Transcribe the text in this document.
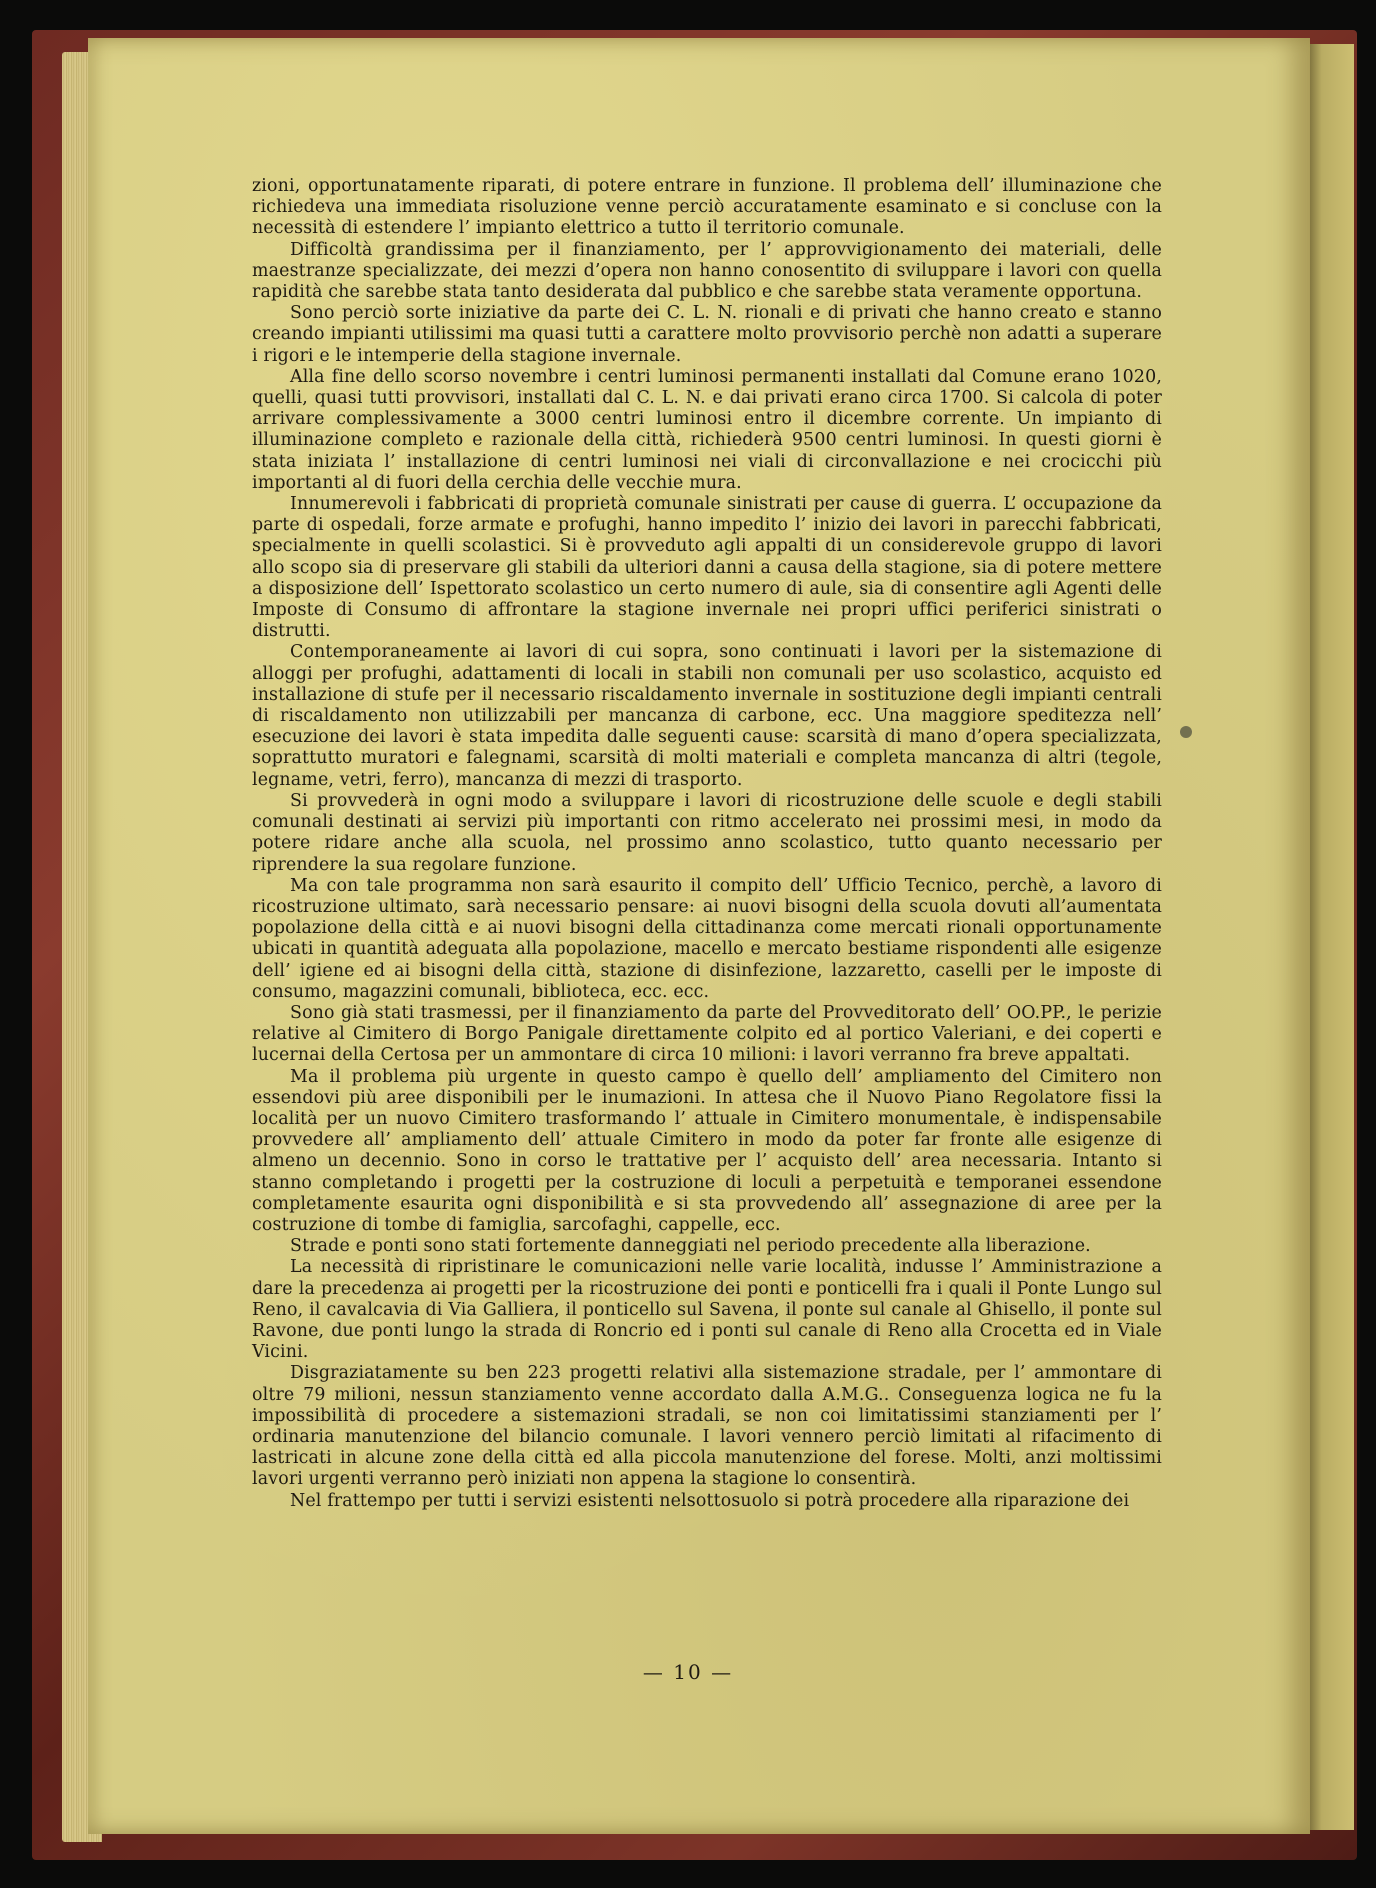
zioni, opportunatamente riparati, di potere entrare in funzione. Il problema dell’ illuminazione che richiedeva una immediata risoluzione venne perciò accuratamente esaminato e si concluse con la necessità di estendere l’ impianto elettrico a tutto il territorio comunale.

Difficoltà grandissima per il finanziamento, per l’ approvvigionamento dei materiali, delle maestranze specializzate, dei mezzi d’opera non hanno conosentito di sviluppare i lavori con quella rapidità che sarebbe stata tanto desiderata dal pubblico e che sarebbe stata veramente opportuna.

Sono perciò sorte iniziative da parte dei C. L. N. rionali e di privati che hanno creato e stanno creando impianti utilissimi ma quasi tutti a carattere molto provvisorio perchè non adatti a superare i rigori e le intemperie della stagione invernale.

Alla fine dello scorso novembre i centri luminosi permanenti installati dal Comune erano 1020, quelli, quasi tutti provvisori, installati dal C. L. N. e dai privati erano circa 1700. Si calcola di poter arrivare complessivamente a 3000 centri luminosi entro il dicembre corrente. Un impianto di illuminazione completo e razionale della città, richiederà 9500 centri luminosi. In questi giorni è stata iniziata l’ installazione di centri luminosi nei viali di circonvallazione e nei crocicchi più importanti al di fuori della cerchia delle vecchie mura.

Innumerevoli i fabbricati di proprietà comunale sinistrati per cause di guerra. L’ occupazione da parte di ospedali, forze armate e profughi, hanno impedito l’ inizio dei lavori in parecchi fabbricati, specialmente in quelli scolastici. Si è provveduto agli appalti di un considerevole gruppo di lavori allo scopo sia di preservare gli stabili da ulteriori danni a causa della stagione, sia di potere mettere a disposizione dell’ Ispettorato scolastico un certo numero di aule, sia di consentire agli Agenti delle Imposte di Consumo di affrontare la stagione invernale nei propri uffici periferici sinistrati o distrutti.

Contemporaneamente ai lavori di cui sopra, sono continuati i lavori per la sistemazione di alloggi per profughi, adattamenti di locali in stabili non comunali per uso scolastico, acquisto ed installazione di stufe per il necessario riscaldamento invernale in sostituzione degli impianti centrali di riscaldamento non utilizzabili per mancanza di carbone, ecc. Una maggiore speditezza nell’ esecuzione dei lavori è stata impedita dalle seguenti cause: scarsità di mano d’opera specializzata, soprattutto muratori e falegnami, scarsità di molti materiali e completa mancanza di altri (tegole, legname, vetri, ferro), mancanza di mezzi di trasporto.

Si provvederà in ogni modo a sviluppare i lavori di ricostruzione delle scuole e degli stabili comunali destinati ai servizi più importanti con ritmo accelerato nei prossimi mesi, in modo da potere ridare anche alla scuola, nel prossimo anno scolastico, tutto quanto necessario per riprendere la sua regolare funzione.

Ma con tale programma non sarà esaurito il compito dell’ Ufficio Tecnico, perchè, a lavoro di ricostruzione ultimato, sarà necessario pensare: ai nuovi bisogni della scuola dovuti all’aumentata popolazione della città e ai nuovi bisogni della cittadinanza come mercati rionali opportunamente ubicati in quantità adeguata alla popolazione, macello e mercato bestiame rispondenti alle esigenze dell’ igiene ed ai bisogni della città, stazione di disinfezione, lazzaretto, caselli per le imposte di consumo, magazzini comunali, biblioteca, ecc. ecc.

Sono già stati trasmessi, per il finanziamento da parte del Provveditorato dell’ OO.PP., le perizie relative al Cimitero di Borgo Panigale direttamente colpito ed al portico Valeriani, e dei coperti e lucernai della Certosa per un ammontare di circa 10 milioni: i lavori verranno fra breve appaltati.

Ma il problema più urgente in questo campo è quello dell’ ampliamento del Cimitero non essendovi più aree disponibili per le inumazioni. In attesa che il Nuovo Piano Regolatore fissi la località per un nuovo Cimitero trasformando l’ attuale in Cimitero monumentale, è indispensabile provvedere all’ ampliamento dell’ attuale Cimitero in modo da poter far fronte alle esigenze di almeno un decennio. Sono in corso le trattative per l’ acquisto dell’ area necessaria. Intanto si stanno completando i progetti per la costruzione di loculi a perpetuità e temporanei essendone completamente esaurita ogni disponibilità e si sta provvedendo all’ assegnazione di aree per la costruzione di tombe di famiglia, sarcofaghi, cappelle, ecc.

Strade e ponti sono stati fortemente danneggiati nel periodo precedente alla liberazione.

La necessità di ripristinare le comunicazioni nelle varie località, indusse l’ Amministrazione a dare la precedenza ai progetti per la ricostruzione dei ponti e ponticelli fra i quali il Ponte Lungo sul Reno, il cavalcavia di Via Galliera, il ponticello sul Savena, il ponte sul canale al Ghisello, il ponte sul Ravone, due ponti lungo la strada di Roncrio ed i ponti sul canale di Reno alla Crocetta ed in Viale Vicini.

Disgraziatamente su ben 223 progetti relativi alla sistemazione stradale, per l’ ammontare di oltre 79 milioni, nessun stanziamento venne accordato dalla A.M.G.. Conseguenza logica ne fu la impossibilità di procedere a sistemazioni stradali, se non coi limitatissimi stanziamenti per l’ ordinaria manutenzione del bilancio comunale. I lavori vennero perciò limitati al rifacimento di lastricati in alcune zone della città ed alla piccola manutenzione del forese. Molti, anzi moltissimi lavori urgenti verranno però iniziati non appena la stagione lo consentirà.

Nel frattempo per tutti i servizi esistenti nelsottosuolo si potrà procedere alla riparazione dei

— 10 —
